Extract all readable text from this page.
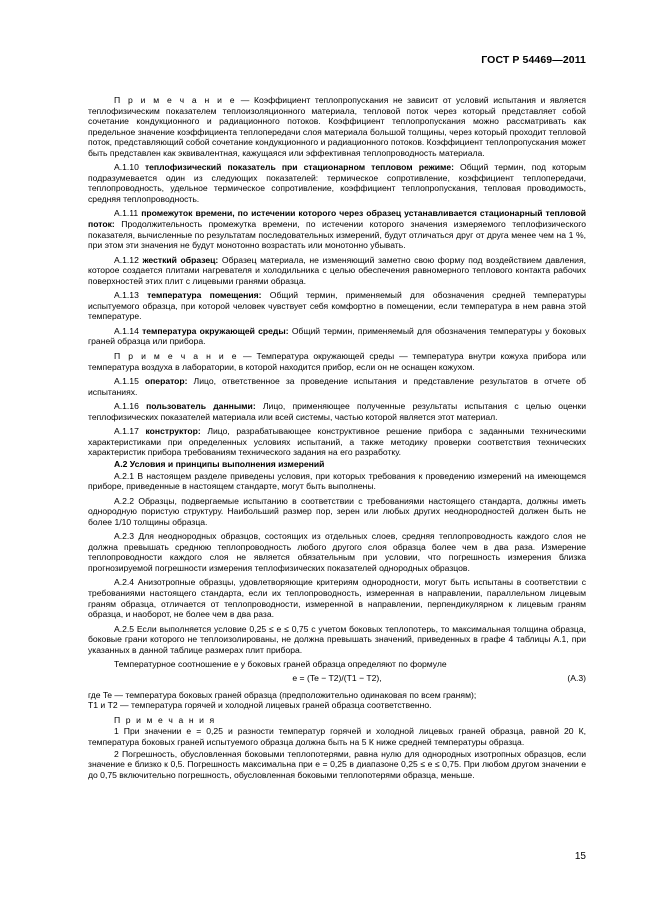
ГОСТ Р 54469—2011

П р и м е ч а н и е — Коэффициент теплопропускания не зависит от условий испытания и является теплофизическим показателем теплоизоляционного материала, тепловой поток через который представляет собой сочетание кондукционного и радиационного потоков. Коэффициент теплопропускания можно рассматривать как предельное значение коэффициента теплопередачи слоя материала большой толщины, через который проходит тепловой поток, представляющий собой сочетание кондукционного и радиационного потоков. Коэффициент теплопропускания может быть представлен как эквивалентная, кажущаяся или эффективная теплопроводность материала.

А.1.10 теплофизический показатель при стационарном тепловом режиме: Общий термин, под которым подразумевается один из следующих показателей: термическое сопротивление, коэффициент теплопередачи, теплопроводность, удельное термическое сопротивление, коэффициент теплопропускания, тепловая проводимость, средняя теплопроводность.

А.1.11 промежуток времени, по истечении которого через образец устанавливается стационарный тепловой поток: Продолжительность промежутка времени, по истечении которого значения измеряемого теплофизического показателя, вычисленные по результатам последовательных измерений, будут отличаться друг от друга менее чем на 1 %, при этом эти значения не будут монотонно возрастать или монотонно убывать.

А.1.12 жесткий образец: Образец материала, не изменяющий заметно свою форму под воздействием давления, которое создается плитами нагревателя и холодильника с целью обеспечения равномерного теплового контакта рабочих поверхностей этих плит с лицевыми гранями образца.

А.1.13 температура помещения: Общий термин, применяемый для обозначения средней температуры испытуемого образца, при которой человек чувствует себя комфортно в помещении, если температура в нем равна этой температуре.

А.1.14 температура окружающей среды: Общий термин, применяемый для обозначения температуры у боковых граней образца или прибора.

П р и м е ч а н и е — Температура окружающей среды — температура внутри кожуха прибора или температура воздуха в лаборатории, в которой находится прибор, если он не оснащен кожухом.

А.1.15 оператор: Лицо, ответственное за проведение испытания и представление результатов в отчете об испытаниях.

А.1.16 пользователь данными: Лицо, применяющее полученные результаты испытания с целью оценки теплофизических показателей материала или всей системы, частью которой является этот материал.

А.1.17 конструктор: Лицо, разрабатывающее конструктивное решение прибора с заданными техническими характеристиками при определенных условиях испытаний, а также методику проверки соответствия технических характеристик прибора требованиям технического задания на его разработку.

А.2 Условия и принципы выполнения измерений

А.2.1 В настоящем разделе приведены условия, при которых требования к проведению измерений на имеющемся приборе, приведенные в настоящем стандарте, могут быть выполнены.

А.2.2 Образцы, подвергаемые испытанию в соответствии с требованиями настоящего стандарта, должны иметь однородную пористую структуру. Наибольший размер пор, зерен или любых других неоднородностей должен быть не более 1/10 толщины образца.

А.2.3 Для неоднородных образцов, состоящих из отдельных слоев, средняя теплопроводность каждого слоя не должна превышать среднюю теплопроводность любого другого слоя образца более чем в два раза. Измерение теплопроводности каждого слоя не является обязательным при условии, что погрешность измерения близка прогнозируемой погрешности измерения теплофизических показателей однородных образцов.

А.2.4 Анизотропные образцы, удовлетворяющие критериям однородности, могут быть испытаны в соответствии с требованиями настоящего стандарта, если их теплопроводность, измеренная в направлении, параллельном лицевым граням образца, отличается от теплопроводности, измеренной в направлении, перпендикулярном к лицевым граням образца, и наоборот, не более чем в два раза.

А.2.5 Если выполняется условие 0,25 ≤ e ≤ 0,75 с учетом боковых теплопотерь, то максимальная толщина образца, боковые грани которого не теплоизолированы, не должна превышать значений, приведенных в графе 4 таблицы А.1, при указанных в данной таблице размерах плит прибора.

Температурное соотношение e у боковых граней образца определяют по формуле

e = (Te − T2)/(T1 − T2),	(А.3)

где Te — температура боковых граней образца (предположительно одинаковая по всем граням);
T1 и T2 — температура горячей и холодной лицевых граней образца соответственно.

П р и м е ч а н и я

1 При значении e = 0,25 и разности температур горячей и холодной лицевых граней образца, равной 20 К, температура боковых граней испытуемого образца должна быть на 5 К ниже средней температуры образца.

2 Погрешность, обусловленная боковыми теплопотерями, равна нулю для однородных изотропных образцов, если значение e близко к 0,5. Погрешность максимальна при e = 0,25 в диапазоне 0,25 ≤ e ≤ 0,75. При любом другом значении e до 0,75 включительно погрешность, обусловленная боковыми теплопотерями образца, меньше.

15
